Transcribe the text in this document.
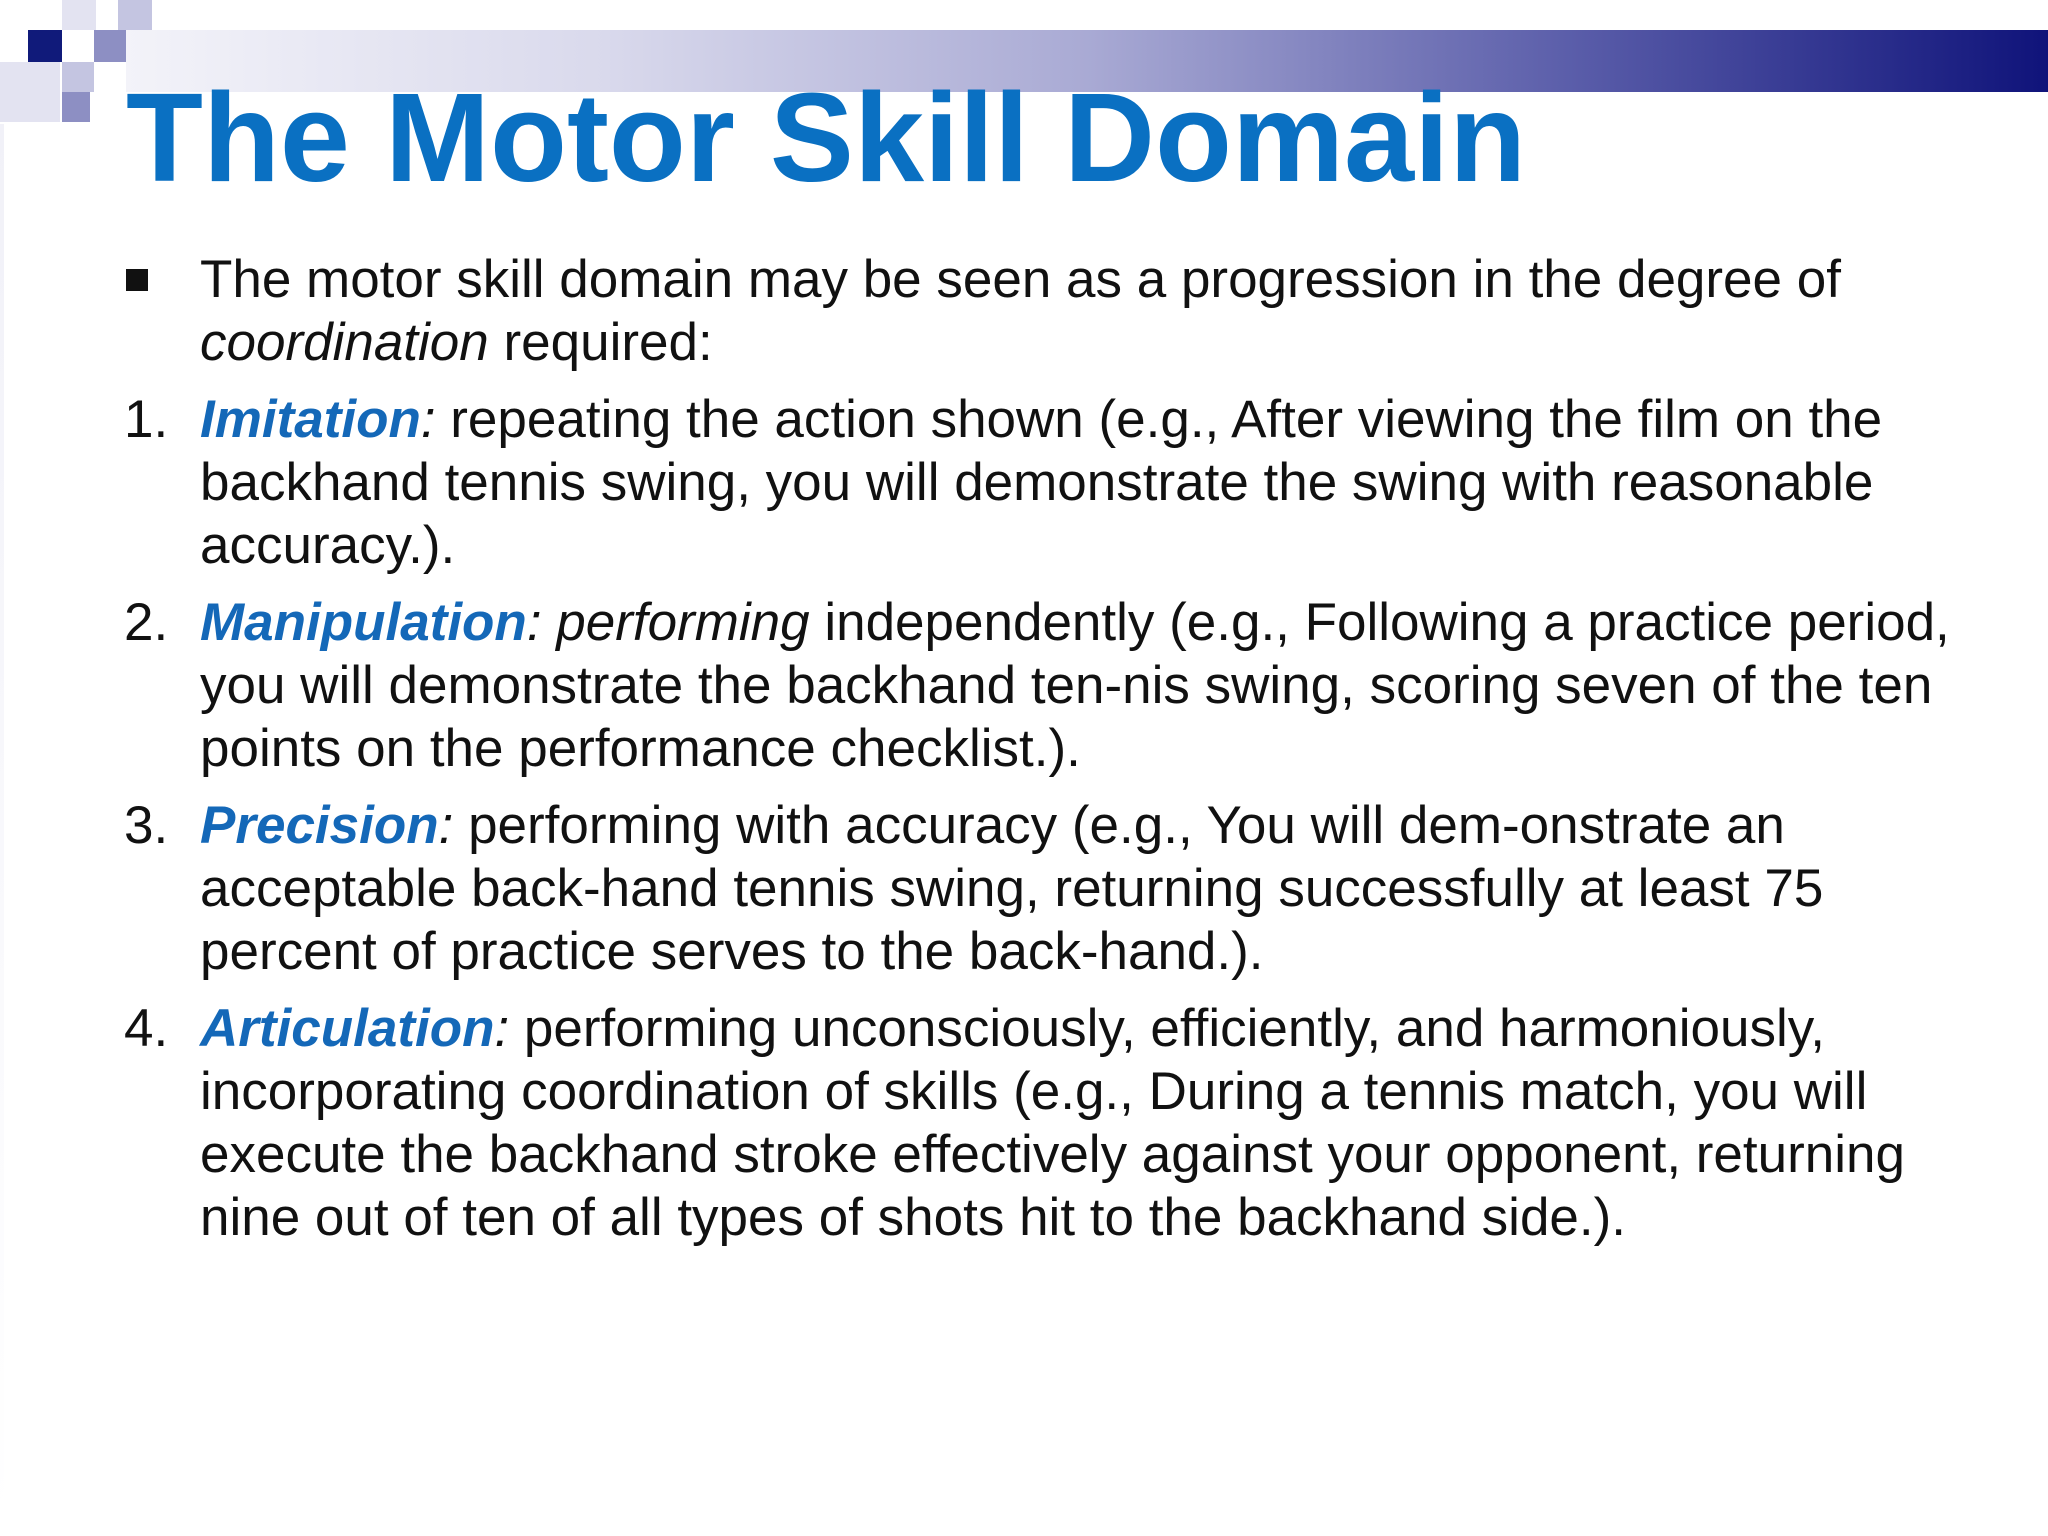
The Motor Skill Domain

The motor skill domain may be seen as a progression in the degree of coordination required:

1. Imitation: repeating the action shown (e.g., After viewing the film on the backhand tennis swing, you will demonstrate the swing with reasonable accuracy.).

2. Manipulation: performing independently (e.g., Following a practice period, you will demonstrate the backhand ten-nis swing, scoring seven of the ten points on the performance checklist.).

3. Precision: performing with accuracy (e.g., You will dem-onstrate an acceptable back-hand tennis swing, returning successfully at least 75 percent of practice serves to the back-hand.).

4. Articulation: performing unconsciously, efficiently, and harmoniously, incorporating coordination of skills (e.g., During a tennis match, you will execute the backhand stroke effectively against your opponent, returning nine out of ten of all types of shots hit to the backhand side.).
